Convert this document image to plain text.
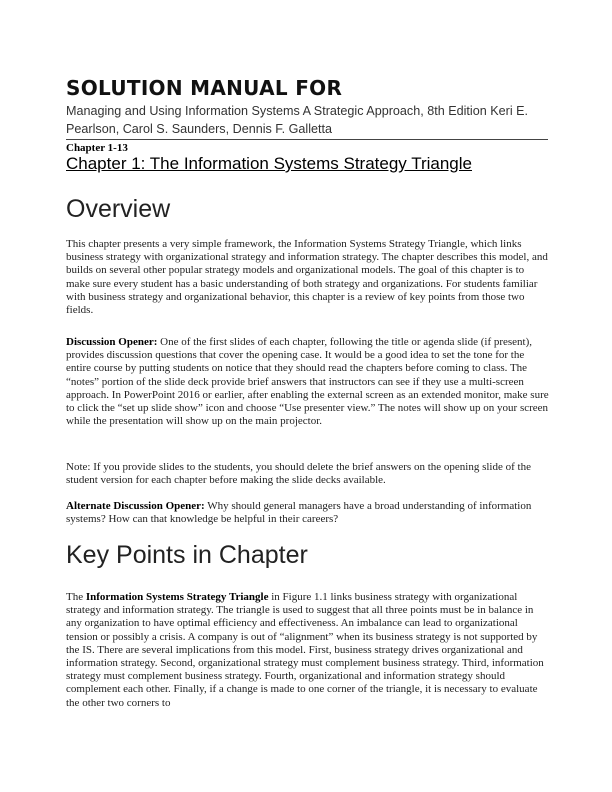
SOLUTION MANUAL FOR
Managing and Using Information Systems A Strategic Approach, 8th Edition Keri E. Pearlson, Carol S. Saunders, Dennis F. Galletta
Chapter 1-13
Chapter 1: The Information Systems Strategy Triangle
Overview

This chapter presents a very simple framework, the Information Systems Strategy Triangle, which links business strategy with organizational strategy and information strategy. The chapter describes this model, and builds on several other popular strategy models and organizational models. The goal of this chapter is to make sure every student has a basic understanding of both strategy and organizations. For students familiar with business strategy and organizational behavior, this chapter is a review of key points from those two fields.

Discussion Opener: One of the first slides of each chapter, following the title or agenda slide (if present), provides discussion questions that cover the opening case. It would be a good idea to set the tone for the entire course by putting students on notice that they should read the chapters before coming to class. The “notes” portion of the slide deck provide brief answers that instructors can see if they use a multi-screen approach. In PowerPoint 2016 or earlier, after enabling the external screen as an extended monitor, make sure to click the “set up slide show” icon and choose “Use presenter view.” The notes will show up on your screen while the presentation will show up on the main projector.

Note: If you provide slides to the students, you should delete the brief answers on the opening slide of the student version for each chapter before making the slide decks available.

Alternate Discussion Opener: Why should general managers have a broad understanding of information systems? How can that knowledge be helpful in their careers?

Key Points in Chapter

The Information Systems Strategy Triangle in Figure 1.1 links business strategy with organizational strategy and information strategy. The triangle is used to suggest that all three points must be in balance in any organization to have optimal efficiency and effectiveness. An imbalance can lead to organizational tension or possibly a crisis. A company is out of “alignment” when its business strategy is not supported by the IS. There are several implications from this model. First, business strategy drives organizational and information strategy. Second, organizational strategy must complement business strategy. Third, information strategy must complement business strategy. Fourth, organizational and information strategy should complement each other. Finally, if a change is made to one corner of the triangle, it is necessary to evaluate the other two corners to
